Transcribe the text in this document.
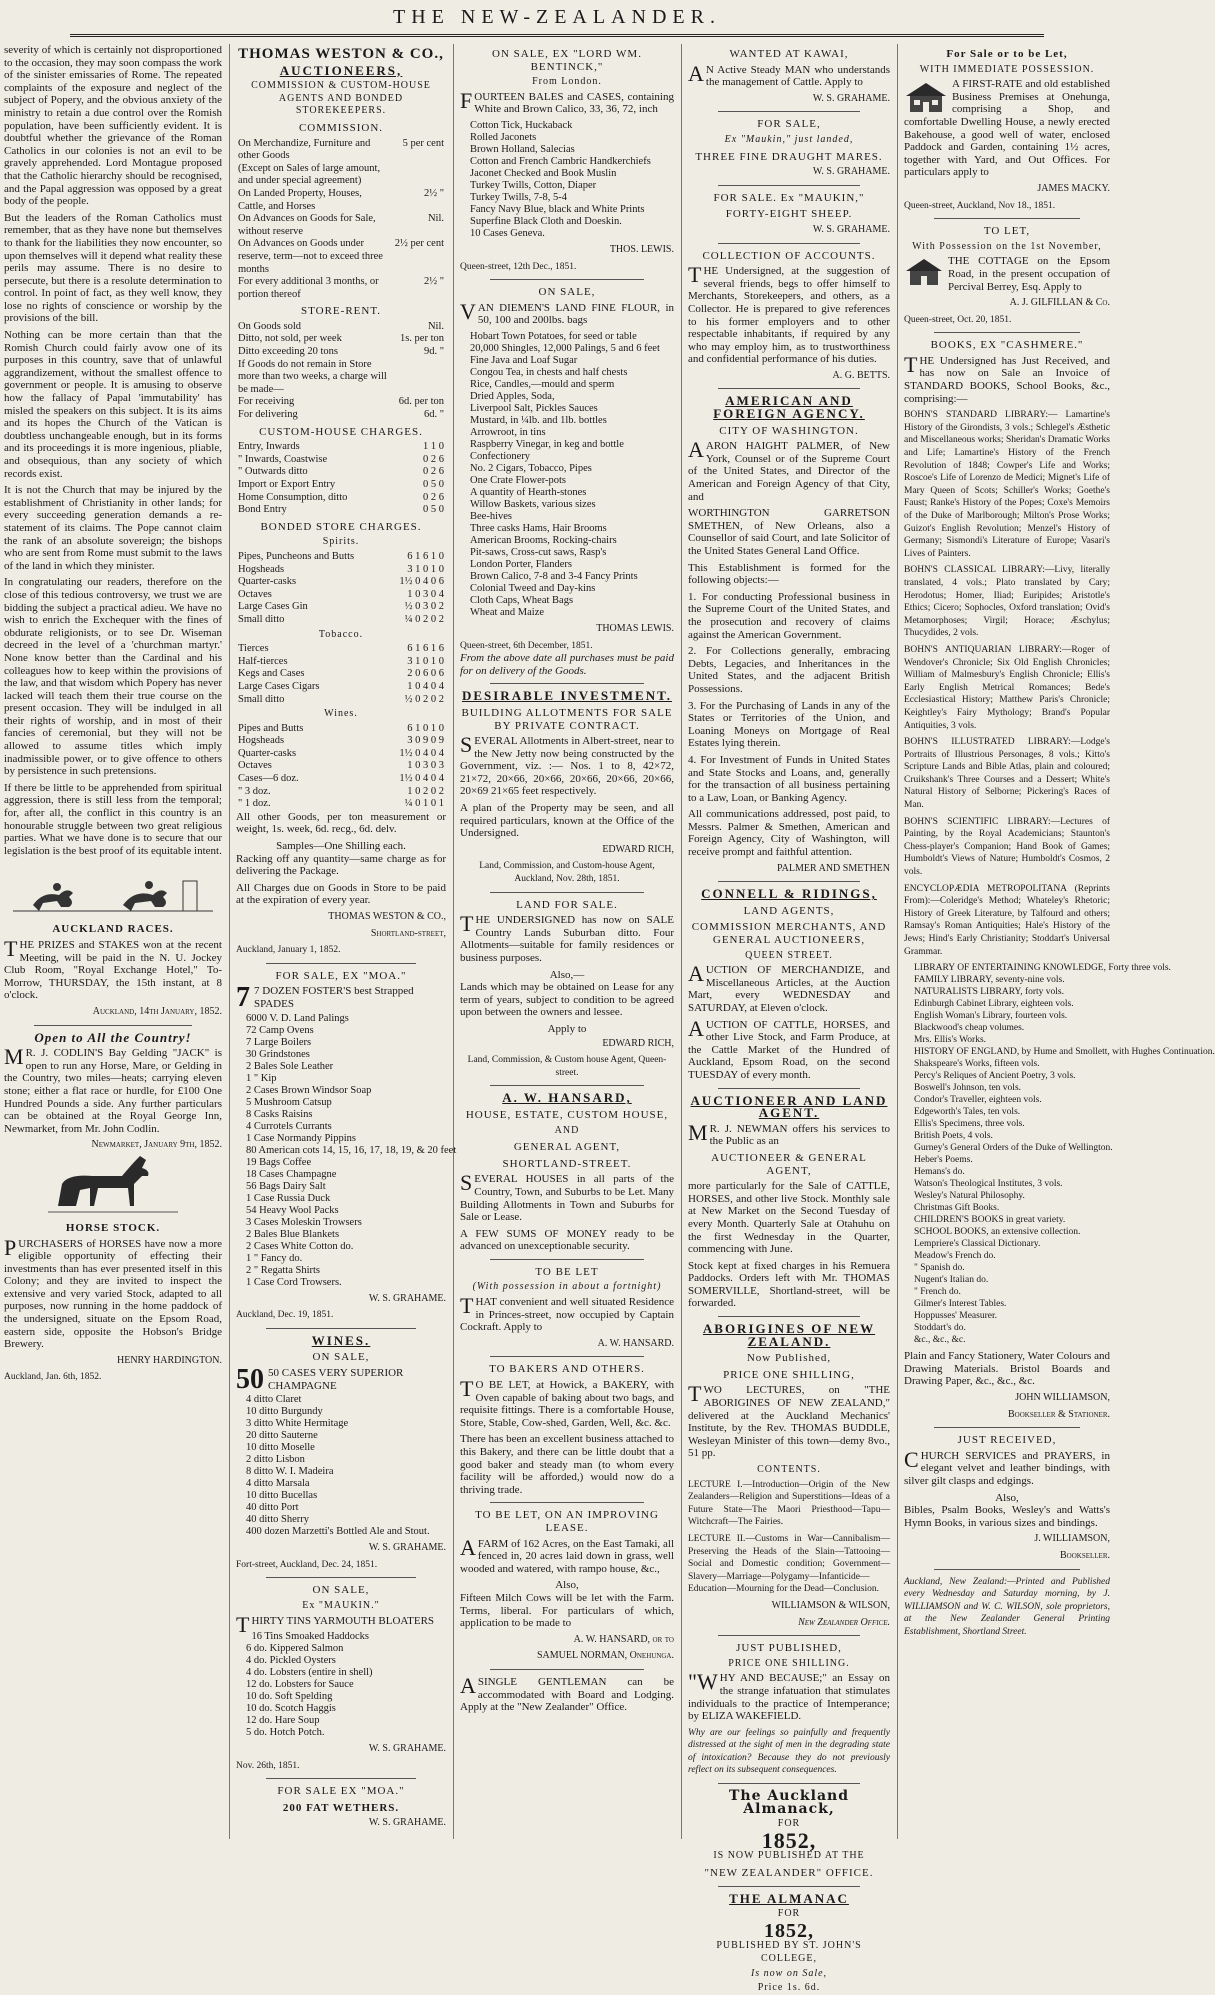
THE NEW-ZEALANDER.

severity of which is certainly not disproportioned to the occasion, they may soon compass the work of the sinister emissaries of Rome. The repeated complaints of the exposure and neglect of the subject of Popery, and the obvious anxiety of the ministry to retain a due control over the Romish population, have been sufficiently evident. It is doubtful whether the grievance of the Roman Catholics in our colonies is not an evil to be gravely apprehended. Lord Montague proposed that the Catholic hierarchy should be recognised, and the Papal aggression was opposed by a great body of the people.

But the leaders of the Roman Catholics must remember, that as they have none but themselves to thank for the liabilities they now encounter, so upon themselves will it depend what reality these perils may assume. There is no desire to persecute, but there is a resolute determination to control. In point of fact, as they well know, they lose no rights of conscience or worship by the provisions of the bill.

Nothing can be more certain than that the Romish Church could fairly avow one of its purposes in this country, save that of unlawful aggrandizement, without the smallest offence to government or people. It is amusing to observe how the fallacy of Papal 'immutability' has misled the speakers on this subject. It is its aims and its hopes the Church of the Vatican is doubtless unchangeable enough, but in its forms and its proceedings it is more ingenious, pliable, and obsequious, than any society of which records exist.

It is not the Church that may be injured by the establishment of Christianity in other lands; for every succeeding generation demands a re-statement of its claims. The Pope cannot claim the rank of an absolute sovereign; the bishops who are sent from Rome must submit to the laws of the land in which they minister.

In congratulating our readers, therefore on the close of this tedious controversy, we trust we are bidding the subject a practical adieu. We have no wish to enrich the Exchequer with the fines of obdurate religionists, or to see Dr. Wiseman decreed in the level of a 'churchman martyr.' None know better than the Cardinal and his colleagues how to keep within the provisions of the law, and that wisdom which Popery has never lacked will teach them their true course on the present occasion. They will be indulged in all their rights of worship, and in most of their fancies of ceremonial, but they will not be allowed to assume titles which imply inadmissible power, or to give offence to others by persistence in such pretensions.

If there be little to be apprehended from spiritual aggression, there is still less from the temporal; for, after all, the conflict in this country is an honourable struggle between two great religious parties. What we have done is to secure that our legislation is the best proof of its equitable intent.

AUCKLAND RACES.

THE PRIZES and STAKES won at the recent Meeting, will be paid in the N. U. Jockey Club Room, "Royal Exchange Hotel," To-Morrow, THURSDAY, the 15th instant, at 8 o'clock.

Auckland, 14th January, 1852.
Open to All the Country!

MR. J. CODLIN'S Bay Gelding "JACK" is open to run any Horse, Mare, or Gelding in the Country, two miles—heats; carrying eleven stone; either a flat race or hurdle, for £100 One Hundred Pounds a side. Any further particulars can be obtained at the Royal George Inn, Newmarket, from Mr. John Codlin.

Newmarket, January 9th, 1852.
HORSE STOCK.

PURCHASERS of HORSES have now a more eligible opportunity of effecting their investments than has ever presented itself in this Colony; and they are invited to inspect the extensive and very varied Stock, adapted to all purposes, now running in the home paddock of the undersigned, situate on the Epsom Road, eastern side, opposite the Hobson's Bridge Brewery.

HENRY HARDINGTON.
Auckland, Jan. 6th, 1852.
THOMAS WESTON & CO.,
AUCTIONEERS,
COMMISSION & CUSTOM-HOUSE AGENTS AND BONDED STOREKEEPERS.
COMMISSION.
On Merchandize, Furniture and other Goods	5 per cent
(Except on Sales of large amount, and under special agreement)	
On Landed Property, Houses, Cattle, and Horses	2½ "
On Advances on Goods for Sale, without reserve	Nil.
On Advances on Goods under reserve, term—not to exceed three months	2½ per cent
For every additional 3 months, or portion thereof	2½ "
STORE-RENT.
On Goods sold	Nil.
Ditto, not sold, per week	1s. per ton
Ditto exceeding 20 tons	9d. "
If Goods do not remain in Store more than two weeks, a charge will be made—	
For receiving	6d. per ton
For delivering	6d. "
CUSTOM-HOUSE CHARGES.
Entry, Inwards	1 1 0
" Inwards, Coastwise	0 2 6
" Outwards ditto	0 2 6
Import or Export Entry	0 5 0
Home Consumption, ditto	0 2 6
Bond Entry	0 5 0
BONDED STORE CHARGES.
Spirits.
Pipes, Puncheons and Butts	6 1 6 1 0
Hogsheads	3 1 0 1 0
Quarter-casks	1½ 0 4 0 6
Octaves	1 0 3 0 4
Large Cases Gin	½ 0 3 0 2
Small ditto	¼ 0 2 0 2
Tobacco.
Tierces	6 1 6 1 6
Half-tierces	3 1 0 1 0
Kegs and Cases	2 0 6 0 6
Large Cases Cigars	1 0 4 0 4
Small ditto	½ 0 2 0 2
Wines.
Pipes and Butts	6 1 0 1 0
Hogsheads	3 0 9 0 9
Quarter-casks	1½ 0 4 0 4
Octaves	1 0 3 0 3
Cases—6 doz.	1½ 0 4 0 4
" 3 doz.	1 0 2 0 2
" 1 doz.	¼ 0 1 0 1

All other Goods, per ton measurement or weight, 1s. week, 6d. recg., 6d. delv.

Samples—One Shilling each.

Racking off any quantity—same charge as for delivering the Package.

All Charges due on Goods in Store to be paid at the expiration of every year.

THOMAS WESTON & CO.,
Shortland-street,
Auckland, January 1, 1852.
FOR SALE, EX "MOA."
7 7 DOZEN FOSTER'S best Strapped SPADES
6000 V. D. Land Palings
72 Camp Ovens
7 Large Boilers
30 Grindstones
2 Bales Sole Leather
1 " Kip
2 Cases Brown Windsor Soap
5 Mushroom Catsup
8 Casks Raisins
4 Currotels Currants
1 Case Normandy Pippins
80 American cots 14, 15, 16, 17, 18, 19, & 20 feet
19 Bags Coffee
18 Cases Champagne
56 Bags Dairy Salt
1 Case Russia Duck
54 Heavy Wool Packs
3 Cases Moleskin Trowsers
2 Bales Blue Blankets
2 Cases White Cotton do.
1 " Fancy do.
2 " Regatta Shirts
1 Case Cord Trowsers.
W. S. GRAHAME.
Auckland, Dec. 19, 1851.
WINES.
ON SALE,
50 50 CASES VERY SUPERIOR CHAMPAGNE
4 ditto Claret
10 ditto Burgundy
3 ditto White Hermitage
20 ditto Sauterne
10 ditto Moselle
2 ditto Lisbon
8 ditto W. I. Madeira
4 ditto Marsala
10 ditto Bucellas
40 ditto Port
40 ditto Sherry
400 dozen Marzetti's Bottled Ale and Stout.
W. S. GRAHAME.
Fort-street, Auckland, Dec. 24, 1851.
ON SALE,
Ex "MAUKIN."

THIRTY TINS YARMOUTH BLOATERS

16 Tins Smoaked Haddocks
6 do. Kippered Salmon
4 do. Pickled Oysters
4 do. Lobsters (entire in shell)
12 do. Lobsters for Sauce
10 do. Soft Spelding
10 do. Scotch Haggis
12 do. Hare Soup
5 do. Hotch Potch.
W. S. GRAHAME.
Nov. 26th, 1851.
FOR SALE EX "MOA."
200 FAT WETHERS.
W. S. GRAHAME.
ON SALE, EX "LORD WM. BENTINCK,"
From London.

FOURTEEN BALES and CASES, containing White and Brown Calico, 33, 36, 72, inch

Cotton Tick, Huckaback
Rolled Jaconets
Brown Holland, Salecias
Cotton and French Cambric Handkerchiefs
Jaconet Checked and Book Muslin
Turkey Twills, Cotton, Diaper
Turkey Twills, 7-8, 5-4
Fancy Navy Blue, black and White Prints
Superfine Black Cloth and Doeskin.
10 Cases Geneva.
THOS. LEWIS.
Queen-street, 12th Dec., 1851.
ON SALE,

VAN DIEMEN'S LAND FINE FLOUR, in 50, 100 and 200lbs. bags

Hobart Town Potatoes, for seed or table
20,000 Shingles, 12,000 Palings, 5 and 6 feet
Fine Java and Loaf Sugar
Congou Tea, in chests and half chests
Rice, Candles,—mould and sperm
Dried Apples, Soda,
Liverpool Salt, Pickles Sauces
Mustard, in ¼lb. and 1lb. bottles
Arrowroot, in tins
Raspberry Vinegar, in keg and bottle
Confectionery
No. 2 Cigars, Tobacco, Pipes
One Crate Flower-pots
A quantity of Hearth-stones
Willow Baskets, various sizes
Bee-hives
Three casks Hams, Hair Brooms
American Brooms, Rocking-chairs
Pit-saws, Cross-cut saws, Rasp's
London Porter, Flanders
Brown Calico, 7-8 and 3-4 Fancy Prints
Colonial Tweed and Day-kins
Cloth Caps, Wheat Bags
Wheat and Maize
THOMAS LEWIS.
Queen-street, 6th December, 1851.

From the above date all purchases must be paid for on delivery of the Goods.

DESIRABLE INVESTMENT.
BUILDING ALLOTMENTS FOR SALE BY PRIVATE CONTRACT.

SEVERAL Allotments in Albert-street, near to the New Jetty now being constructed by the Government, viz. :— Nos. 1 to 8, 42×72, 21×72, 20×66, 20×66, 20×66, 20×66, 20×66, 20×69 21×65 feet respectively.

A plan of the Property may be seen, and all required particulars, known at the Office of the Undersigned.

EDWARD RICH,
Land, Commission, and Custom-house Agent, Auckland, Nov. 28th, 1851.
LAND FOR SALE.

THE UNDERSIGNED has now on SALE Country Lands Suburban ditto. Four Allotments—suitable for family residences or business purposes.

Also,—

Lands which may be obtained on Lease for any term of years, subject to condition to be agreed upon between the owners and lessee.

Apply to
EDWARD RICH,
Land, Commission, & Custom house Agent, Queen-street.
A. W. HANSARD,
HOUSE, ESTATE, CUSTOM HOUSE,
AND
GENERAL AGENT,
SHORTLAND-STREET.

SEVERAL HOUSES in all parts of the Country, Town, and Suburbs to be Let. Many Building Allotments in Town and Suburbs for Sale or Lease.

A FEW SUMS OF MONEY ready to be advanced on unexceptionable security.

TO BE LET
(With possession in about a fortnight)

THAT convenient and well situated Residence in Princes-street, now occupied by Captain Cockraft. Apply to

A. W. HANSARD.
TO BAKERS AND OTHERS.

TO BE LET, at Howick, a BAKERY, with Oven capable of baking about two bags, and requisite fittings. There is a comfortable House, Store, Stable, Cow-shed, Garden, Well, &c. &c.

There has been an excellent business attached to this Bakery, and there can be little doubt that a good baker and steady man (to whom every facility will be afforded,) would now do a thriving trade.

TO BE LET, ON AN IMPROVING LEASE.

AFARM of 162 Acres, on the East Tamaki, all fenced in, 20 acres laid down in grass, well wooded and watered, with rampo house, &c.,

Also,

Fifteen Milch Cows will be let with the Farm. Terms, liberal. For particulars of which, application to be made to

A. W. HANSARD, or to
SAMUEL NORMAN, Onehunga.

ASINGLE GENTLEMAN can be accommodated with Board and Lodging. Apply at the "New Zealander" Office.

WANTED AT KAWAI,

AN Active Steady MAN who understands the management of Cattle. Apply to

W. S. GRAHAME.
FOR SALE,
Ex "Maukin," just landed,
THREE FINE DRAUGHT MARES.
W. S. GRAHAME.
FOR SALE. Ex "MAUKIN,"
FORTY-EIGHT SHEEP.
W. S. GRAHAME.
COLLECTION OF ACCOUNTS.

THE Undersigned, at the suggestion of several friends, begs to offer himself to Merchants, Storekeepers, and others, as a Collector. He is prepared to give references to his former employers and to other respectable inhabitants, if required by any who may employ him, as to trustworthiness and confidential performance of his duties.

A. G. BETTS.
AMERICAN AND FOREIGN AGENCY.
CITY OF WASHINGTON.

AARON HAIGHT PALMER, of New York, Counsel or of the Supreme Court of the United States, and Director of the American and Foreign Agency of that City, and

WORTHINGTON GARRETSON SMETHEN, of New Orleans, also a Counsellor of said Court, and late Solicitor of the United States General Land Office.

This Establishment is formed for the following objects:—

1. For conducting Professional business in the Supreme Court of the United States, and the prosecution and recovery of claims against the American Government.

2. For Collections generally, embracing Debts, Legacies, and Inheritances in the United States, and the adjacent British Possessions.

3. For the Purchasing of Lands in any of the States or Territories of the Union, and Loaning Moneys on Mortgage of Real Estates lying therein.

4. For Investment of Funds in United States and State Stocks and Loans, and, generally for the transaction of all business pertaining to a Law, Loan, or Banking Agency.

All communications addressed, post paid, to Messrs. Palmer & Smethen, American and Foreign Agency, City of Washington, will receive prompt and faithful attention.

PALMER AND SMETHEN
CONNELL & RIDINGS,
LAND AGENTS,
COMMISSION MERCHANTS, AND GENERAL AUCTIONEERS,
QUEEN STREET.

AUCTION OF MERCHANDIZE, and Miscellaneous Articles, at the Auction Mart, every WEDNESDAY and SATURDAY, at Eleven o'clock.

AUCTION OF CATTLE, HORSES, and other Live Stock, and Farm Produce, at the Cattle Market of the Hundred of Auckland, Epsom Road, on the second TUESDAY of every month.

AUCTIONEER AND LAND AGENT.

MR. J. NEWMAN offers his services to the Public as an

AUCTIONEER & GENERAL AGENT,

more particularly for the Sale of CATTLE, HORSES, and other live Stock. Monthly sale at New Market on the Second Tuesday of every Month. Quarterly Sale at Otahuhu on the first Wednesday in the Quarter, commencing with June.

Stock kept at fixed charges in his Remuera Paddocks. Orders left with Mr. THOMAS SOMERVILLE, Shortland-street, will be forwarded.

ABORIGINES OF NEW ZEALAND.
Now Published,
PRICE ONE SHILLING,

TWO LECTURES, on "THE ABORIGINES OF NEW ZEALAND," delivered at the Auckland Mechanics' Institute, by the Rev. THOMAS BUDDLE, Wesleyan Minister of this town—demy 8vo., 51 pp.

CONTENTS.

LECTURE I.—Introduction—Origin of the New Zealanders—Religion and Superstitions—Ideas of a Future State—The Maori Priesthood—Tapu—Witchcraft—The Fairies.

LECTURE II.—Customs in War—Cannibalism—Preserving the Heads of the Slain—Tattooing—Social and Domestic condition; Government—Slavery—Marriage—Polygamy—Infanticide—Education—Mourning for the Dead—Conclusion.

WILLIAMSON & WILSON,
New Zealander Office.
JUST PUBLISHED,
PRICE ONE SHILLING.

"WHY AND BECAUSE;" an Essay on the strange infatuation that stimulates individuals to the practice of Intemperance; by ELIZA WAKEFIELD.

Why are our feelings so painfully and frequently distressed at the sight of men in the degrading state of intoxication? Because they do not previously reflect on its subsequent consequences.

The Auckland Almanack,
FOR
1852,
IS NOW PUBLISHED AT THE
"NEW ZEALANDER" OFFICE.
THE ALMANAC
FOR
1852,
PUBLISHED BY ST. JOHN'S COLLEGE,
Is now on Sale,
Price 1s. 6d.
For Sale or to be Let,
WITH IMMEDIATE POSSESSION.

A FIRST-RATE and old established Business Premises at Onehunga, comprising a Shop, and comfortable Dwelling House, a newly erected Bakehouse, a good well of water, enclosed Paddock and Garden, containing 1½ acres, together with Yard, and Out Offices. For particulars apply to

JAMES MACKY.
Queen-street, Auckland, Nov 18., 1851.
TO LET,
With Possession on the 1st November,

THE COTTAGE on the Epsom Road, in the present occupation of Percival Berrey, Esq. Apply to

A. J. GILFILLAN & Co.
Queen-street, Oct. 20, 1851.
BOOKS, EX "CASHMERE."

THE Undersigned has Just Received, and has now on Sale an Invoice of STANDARD BOOKS, School Books, &c., comprising:—

BOHN'S STANDARD LIBRARY:— Lamartine's History of the Girondists, 3 vols.; Schlegel's Æsthetic and Miscellaneous works; Sheridan's Dramatic Works and Life; Lamartine's History of the French Revolution of 1848; Cowper's Life and Works; Roscoe's Life of Lorenzo de Medici; Mignet's Life of Mary Queen of Scots; Schiller's Works; Goethe's Faust; Ranke's History of the Popes; Coxe's Memoirs of the Duke of Marlborough; Milton's Prose Works; Guizot's English Revolution; Menzel's History of Germany; Sismondi's Literature of Europe; Vasari's Lives of Painters.

BOHN'S CLASSICAL LIBRARY:—Livy, literally translated, 4 vols.; Plato translated by Cary; Herodotus; Homer, Iliad; Euripides; Aristotle's Ethics; Cicero; Sophocles, Oxford translation; Ovid's Metamorphoses; Virgil; Horace; Æschylus; Thucydides, 2 vols.

BOHN'S ANTIQUARIAN LIBRARY:—Roger of Wendover's Chronicle; Six Old English Chronicles; William of Malmesbury's English Chronicle; Ellis's Early English Metrical Romances; Bede's Ecclesiastical History; Matthew Paris's Chronicle; Keightley's Fairy Mythology; Brand's Popular Antiquities, 3 vols.

BOHN'S ILLUSTRATED LIBRARY:—Lodge's Portraits of Illustrious Personages, 8 vols.; Kitto's Scripture Lands and Bible Atlas, plain and coloured; Cruikshank's Three Courses and a Dessert; White's Natural History of Selborne; Pickering's Races of Man.

BOHN'S SCIENTIFIC LIBRARY:—Lectures of Painting, by the Royal Academicians; Staunton's Chess-player's Companion; Hand Book of Games; Humboldt's Views of Nature; Humboldt's Cosmos, 2 vols.

ENCYCLOPÆDIA METROPOLITANA (Reprints From):—Coleridge's Method; Whateley's Rhetoric; History of Greek Literature, by Talfourd and others; Ramsay's Roman Antiquities; Hale's History of the Jews; Hind's Early Christianity; Stoddart's Universal Grammar.

LIBRARY OF ENTERTAINING KNOWLEDGE, Forty three vols.
FAMILY LIBRARY, seventy-nine vols.
NATURALISTS LIBRARY, forty vols.
Edinburgh Cabinet Library, eighteen vols.
English Woman's Library, fourteen vols.
Blackwood's cheap volumes.
Mrs. Ellis's Works.
HISTORY OF ENGLAND, by Hume and Smollett, with Hughes Continuation.
Shakspeare's Works, fifteen vols.
Percy's Reliques of Ancient Poetry, 3 vols.
Boswell's Johnson, ten vols.
Condor's Traveller, eighteen vols.
Edgeworth's Tales, ten vols.
Ellis's Specimens, three vols.
British Poets, 4 vols.
Gurney's General Orders of the Duke of Wellington.
Heber's Poems.
Hemans's do.
Watson's Theological Institutes, 3 vols.
Wesley's Natural Philosophy.
Christmas Gift Books.
CHILDREN'S BOOKS in great variety.
SCHOOL BOOKS, an extensive collection.
Lempriere's Classical Dictionary.
Meadow's French do.
" Spanish do.
Nugent's Italian do.
" French do.
Gilmer's Interest Tables.
Hoppusses' Measurer.
Stoddart's do.
&c., &c., &c.

Plain and Fancy Stationery, Water Colours and Drawing Materials. Bristol Boards and Drawing Paper, &c., &c., &c.

JOHN WILLIAMSON,
Bookseller & Stationer.
JUST RECEIVED,

CHURCH SERVICES and PRAYERS, in elegant velvet and leather bindings, with silver gilt clasps and edgings.

Also,

Bibles, Psalm Books, Wesley's and Watts's Hymn Books, in various sizes and bindings.

J. WILLIAMSON,
Bookseller.

Auckland, New Zealand:—Printed and Published every Wednesday and Saturday morning, by J. WILLIAMSON and W. C. WILSON, sole proprietors, at the New Zealander General Printing Establishment, Shortland Street.
